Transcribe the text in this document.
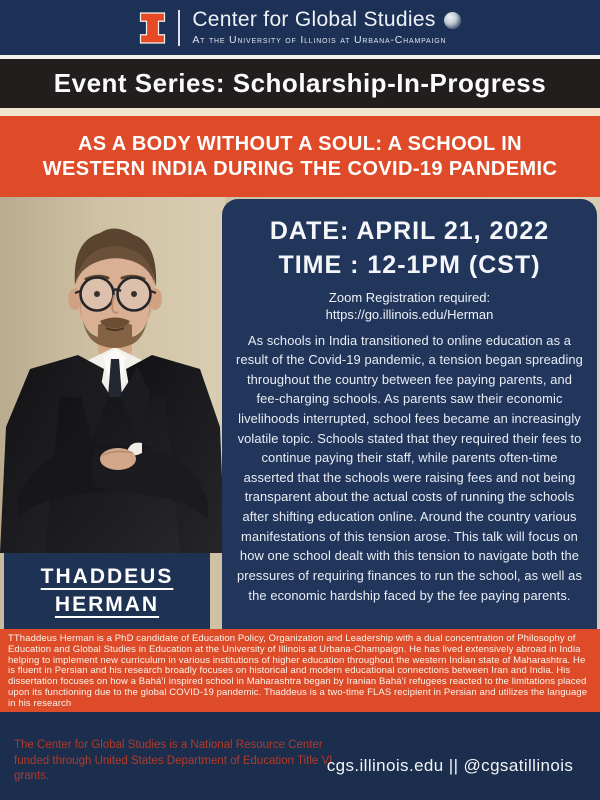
Center for Global Studies
At the University of Illinois at Urbana-Champaign
Event Series: Scholarship-In-Progress
AS A BODY WITHOUT A SOUL: A SCHOOL IN WESTERN INDIA DURING THE COVID-19 PANDEMIC
THADDEUS
HERMAN
DATE: APRIL 21, 2022
TIME : 12-1PM (CST)
Zoom Registration required:
https://go.illinois.edu/Herman
As schools in India transitioned to online education as a result of the Covid-19 pandemic, a tension began spreading throughout the country between fee paying parents, and fee-charging schools. As parents saw their economic livelihoods interrupted, school fees became an increasingly volatile topic. Schools stated that they required their fees to continue paying their staff, while parents often-time asserted that the schools were raising fees and not being transparent about the actual costs of running the schools after shifting education online. Around the country various manifestations of this tension arose. This talk will focus on how one school dealt with this tension to navigate both the pressures of requiring finances to run the school, as well as the economic hardship faced by the fee paying parents.
TThaddeus Herman is a PhD candidate of Education Policy, Organization and Leadership with a dual concentration of Philosophy of Education and Global Studies in Education at the University of Illinois at Urbana-Champaign. He has lived extensively abroad in India helping to implement new curriculum in various institutions of higher education throughout the western Indian state of Maharashtra. He is fluent in Persian and his research broadly focuses on historical and modern educational connections between Iran and India. His dissertation focuses on how a Bahá'í inspired school in Maharashtra began by Iranian Bahá'í refugees reacted to the limitations placed upon its functioning due to the global COVID-19 pandemic. Thaddeus is a two-time FLAS recipient in Persian and utilizes the language in his research
The Center for Global Studies is a National Resource Center funded through United States Department of Education Title VI grants.
cgs.illinois.edu || @cgsatillinois
